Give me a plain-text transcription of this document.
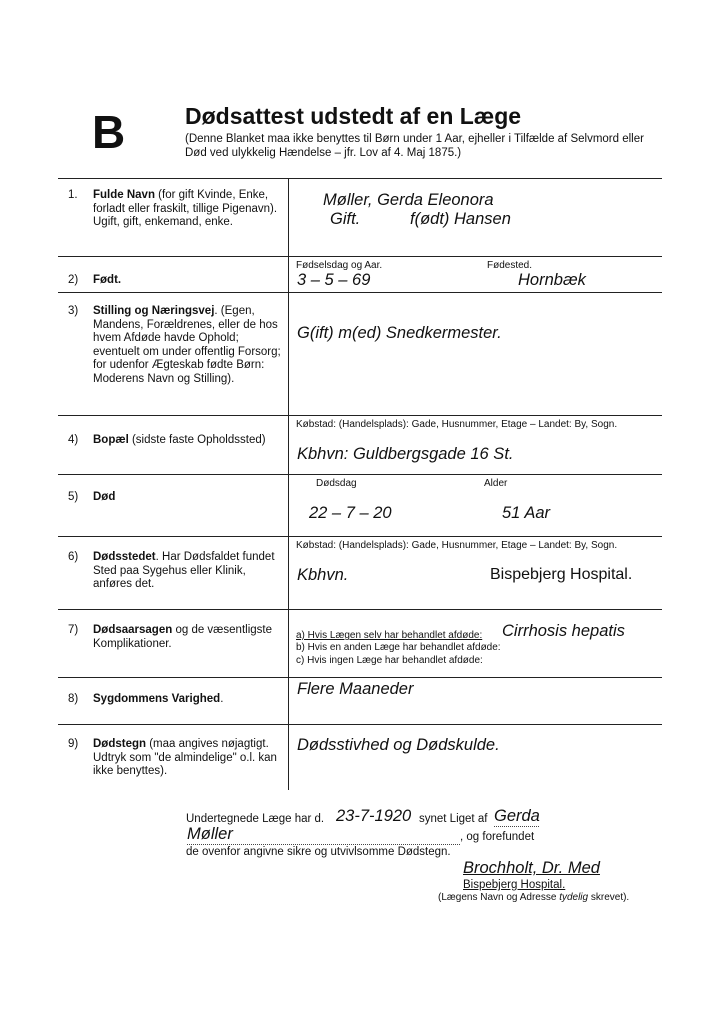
B	Dødsattest udstedt af en Læge
(Denne Blanket maa ikke benyttes til Børn under 1 Aar, ejheller i Tilfælde af Selvmord eller Død ved ulykkelig Hændelse – jfr. Lov af 4. Maj 1875.)
1. Fulde Navn (for gift Kvinde, Enke, forladt eller fraskilt, tillige Pigenavn). Ugift, gift, enkemand, enke.
Møller, Gerda Eleonora
Gift.	f(ødt) Hansen
2) Født.
Fødselsdag og Aar.	Fødested.
3 – 5 – 69	Hornbæk
3) Stilling og Næringsvej. (Egen, Mandens, Forældrenes, eller de hos hvem Afdøde havde Ophold; eventuelt om under offentlig Forsorg; for udenfor Ægteskab fødte Børn: Moderens Navn og Stilling).
G(ift) m(ed) Snedkermester.
4) Bopæl (sidste faste Opholdssted)
Købstad: (Handelsplads): Gade, Husnummer, Etage – Landet: By, Sogn.
Kbhvn: Guldbergsgade 16 St.
5) Død
Dødsdag	Alder
22 – 7 – 20	51 Aar
6) Dødsstedet. Har Dødsfaldet fundet Sted paa Sygehus eller Klinik, anføres det.
Købstad: (Handelsplads): Gade, Husnummer, Etage – Landet: By, Sogn.
Kbhvn.	Bispebjerg Hospital.
7) Dødsaarsagen og de væsentligste Komplikationer.
a) Hvis Lægen selv har behandlet afdøde: Cirrhosis hepatis
b) Hvis en anden Læge har behandlet afdøde:
c) Hvis ingen Læge har behandlet afdøde:
8) Sygdommens Varighed.
Flere Maaneder
9) Dødstegn (maa angives nøjagtigt. Udtryk som "de almindelige" o.l. kan ikke benyttes).
Dødsstivhed og Dødskulde.
Undertegnede Læge har d. 23-7-1920 synet Liget af Gerda
Møller	, og forefundet
de ovenfor angivne sikre og utvivlsomme Dødstegn.
Brochholt, Dr. Med
Bispebjerg Hospital.
(Lægens Navn og Adresse tydelig skrevet).
